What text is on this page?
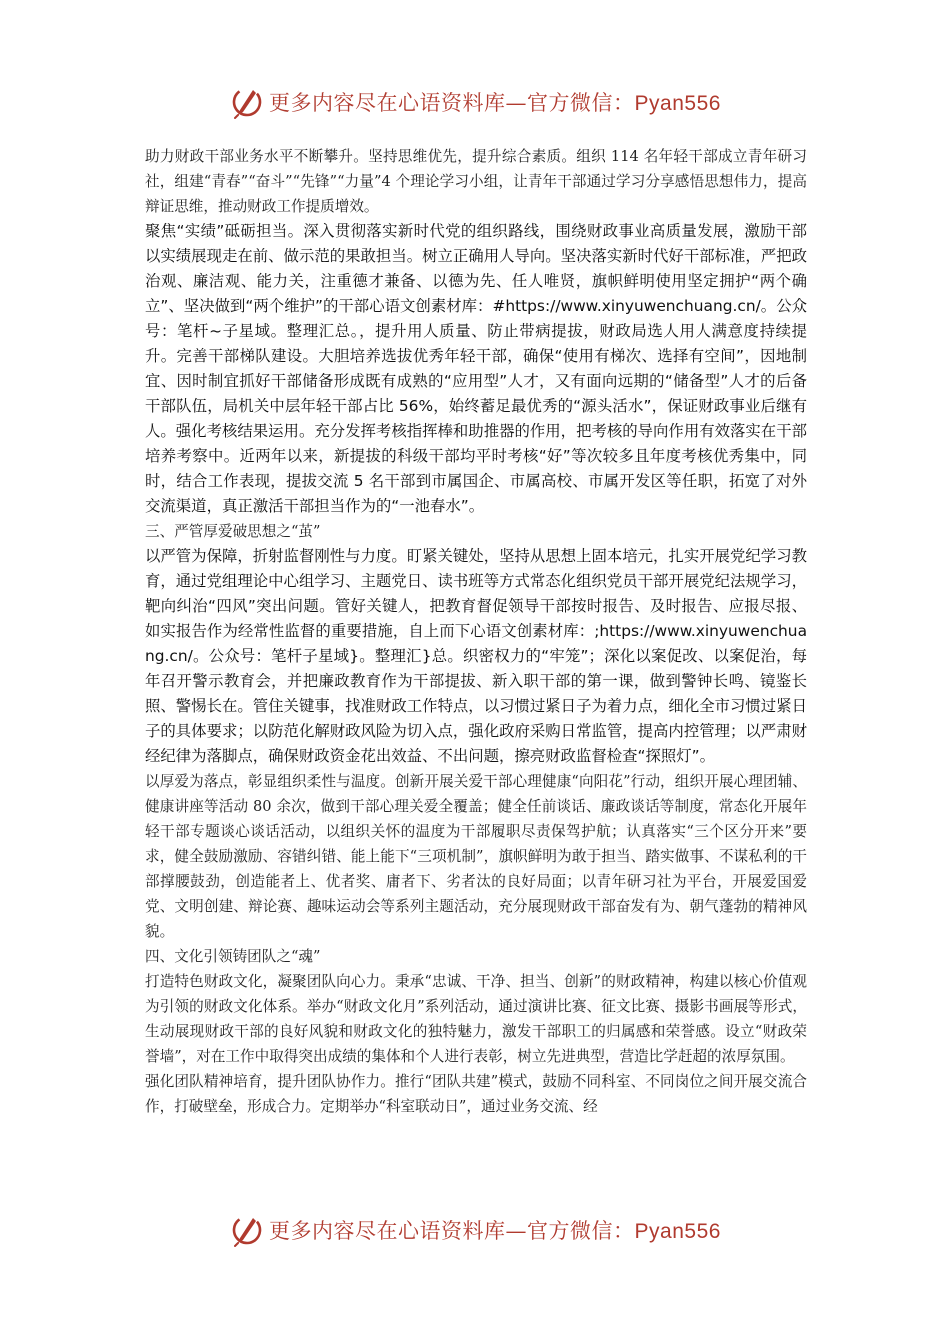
更多内容尽在心语资料库—官方微信：Pyan556

助力财政干部业务水平不断攀升。坚持思维优先，提升综合素质。组织 114 名年轻干部成立青年研习社，组建“青春”“奋斗”“先锋”“力量”4 个理论学习小组，让青年干部通过学习分享感悟思想伟力，提高辩证思维，推动财政工作提质增效。

聚焦“实绩”砥砺担当。深入贯彻落实新时代党的组织路线，围绕财政事业高质量发展，激励干部以实绩展现走在前、做示范的果敢担当。树立正确用人导向。坚决落实新时代好干部标准，严把政治观、廉洁观、能力关，注重德才兼备、以德为先、任人唯贤，旗帜鲜明使用坚定拥护“两个确立”、坚决做到“两个维护”的干部心语文创素材库：#https://www.xinyuwenchuang.cn/。公众号：笔杆~子星域。整理汇总。，提升用人质量、防止带病提拔，财政局选人用人满意度持续提升。完善干部梯队建设。大胆培养选拔优秀年轻干部，确保“使用有梯次、选择有空间”，因地制宜、因时制宜抓好干部储备形成既有成熟的“应用型”人才，又有面向远期的“储备型”人才的后备干部队伍，局机关中层年轻干部占比 56%，始终蓄足最优秀的“源头活水”，保证财政事业后继有人。强化考核结果运用。充分发挥考核指挥棒和助推器的作用，把考核的导向作用有效落实在干部培养考察中。近两年以来，新提拔的科级干部均平时考核“好”等次较多且年度考核优秀集中，同时，结合工作表现，提拔交流 5 名干部到市属国企、市属高校、市属开发区等任职，拓宽了对外交流渠道，真正激活干部担当作为的“一池春水”。

三、严管厚爱破思想之“茧”

以严管为保障，折射监督刚性与力度。盯紧关键处，坚持从思想上固本培元，扎实开展党纪学习教育，通过党组理论中心组学习、主题党日、读书班等方式常态化组织党员干部开展党纪法规学习，靶向纠治“四风”突出问题。管好关键人，把教育督促领导干部按时报告、及时报告、应报尽报、如实报告作为经常性监督的重要措施，自上而下心语文创素材库：;https://www.xinyuwenchuang.cn/。公众号：笔杆子星域}。整理汇}总。织密权力的“牢笼”；深化以案促改、以案促治，每年召开警示教育会，并把廉政教育作为干部提拔、新入职干部的第一课，做到警钟长鸣、镜鉴长照、警惕长在。管住关键事，找准财政工作特点，以习惯过紧日子为着力点，细化全市习惯过紧日子的具体要求；以防范化解财政风险为切入点，强化政府采购日常监管，提高内控管理；以严肃财经纪律为落脚点，确保财政资金花出效益、不出问题，擦亮财政监督检查“探照灯”。

以厚爱为落点，彰显组织柔性与温度。创新开展关爱干部心理健康“向阳花”行动，组织开展心理团辅、健康讲座等活动 80 余次，做到干部心理关爱全覆盖；健全任前谈话、廉政谈话等制度，常态化开展年轻干部专题谈心谈话活动，以组织关怀的温度为干部履职尽责保驾护航；认真落实“三个区分开来”要求，健全鼓励激励、容错纠错、能上能下“三项机制”，旗帜鲜明为敢于担当、踏实做事、不谋私利的干部撑腰鼓劲，创造能者上、优者奖、庸者下、劣者汰的良好局面；以青年研习社为平台，开展爱国爱党、文明创建、辩论赛、趣味运动会等系列主题活动，充分展现财政干部奋发有为、朝气蓬勃的精神风貌。

四、文化引领铸团队之“魂”

打造特色财政文化，凝聚团队向心力。秉承“忠诚、干净、担当、创新”的财政精神，构建以核心价值观为引领的财政文化体系。举办“财政文化月”系列活动，通过演讲比赛、征文比赛、摄影书画展等形式，生动展现财政干部的良好风貌和财政文化的独特魅力，激发干部职工的归属感和荣誉感。设立“财政荣誉墙”，对在工作中取得突出成绩的集体和个人进行表彰，树立先进典型，营造比学赶超的浓厚氛围。

强化团队精神培育，提升团队协作力。推行“团队共建”模式，鼓励不同科室、不同岗位之间开展交流合作，打破壁垒，形成合力。定期举办“科室联动日”，通过业务交流、经

更多内容尽在心语资料库—官方微信：Pyan556
